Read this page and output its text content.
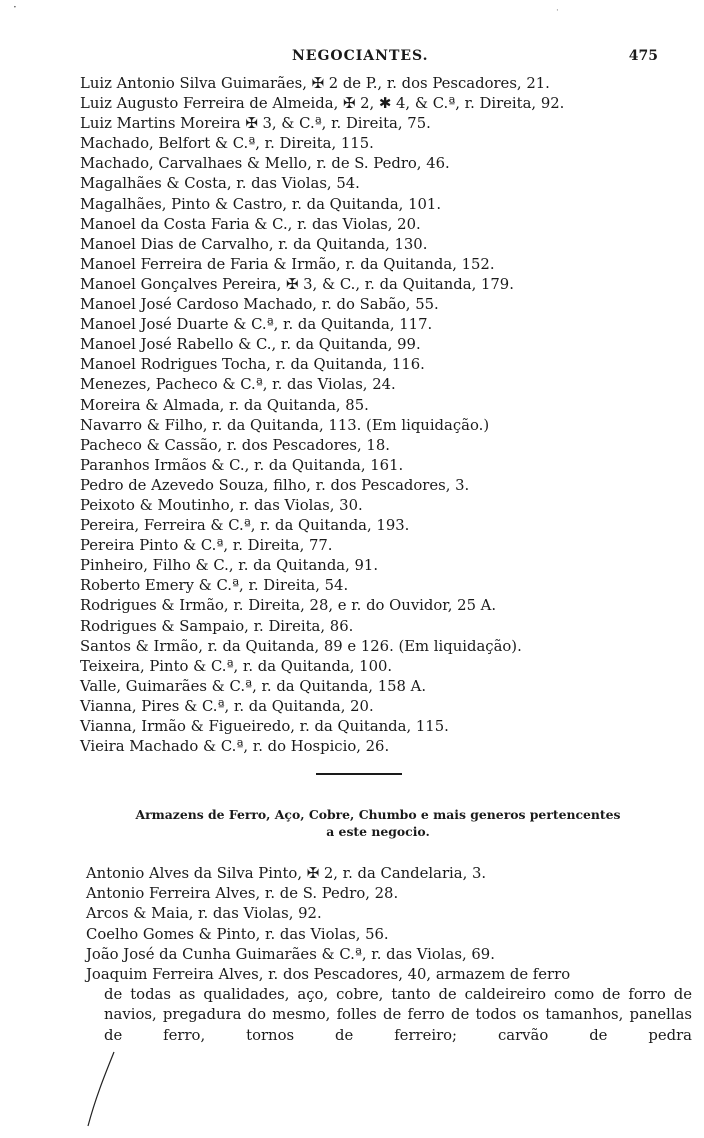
·	·
NEGOCIANTES.	475
Luiz Antonio Silva Guimarães, ✠ 2 de P., r. dos Pescadores, 21.
Luiz Augusto Ferreira de Almeida, ✠ 2, ✱ 4, & C.ª, r. Direita, 92.
Luiz Martins Moreira ✠ 3, & C.ª, r. Direita, 75.
Machado, Belfort & C.ª, r. Direita, 115.
Machado, Carvalhaes & Mello, r. de S. Pedro, 46.
Magalhães & Costa, r. das Violas, 54.
Magalhães, Pinto & Castro, r. da Quitanda, 101.
Manoel da Costa Faria & C., r. das Violas, 20.
Manoel Dias de Carvalho, r. da Quitanda, 130.
Manoel Ferreira de Faria & Irmão, r. da Quitanda, 152.
Manoel Gonçalves Pereira, ✠ 3, & C., r. da Quitanda, 179.
Manoel José Cardoso Machado, r. do Sabão, 55.
Manoel José Duarte & C.ª, r. da Quitanda, 117.
Manoel José Rabello & C., r. da Quitanda, 99.
Manoel Rodrigues Tocha, r. da Quitanda, 116.
Menezes, Pacheco & C.ª, r. das Violas, 24.
Moreira & Almada, r. da Quitanda, 85.
Navarro & Filho, r. da Quitanda, 113. (Em liquidação.)
Pacheco & Cassão, r. dos Pescadores, 18.
Paranhos Irmãos & C., r. da Quitanda, 161.
Pedro de Azevedo Souza, filho, r. dos Pescadores, 3.
Peixoto & Moutinho, r. das Violas, 30.
Pereira, Ferreira & C.ª, r. da Quitanda, 193.
Pereira Pinto & C.ª, r. Direita, 77.
Pinheiro, Filho & C., r. da Quitanda, 91.
Roberto Emery & C.ª, r. Direita, 54.
Rodrigues & Irmão, r. Direita, 28, e r. do Ouvidor, 25 A.
Rodrigues & Sampaio, r. Direita, 86.
Santos & Irmão, r. da Quitanda, 89 e 126. (Em liquidação).
Teixeira, Pinto & C.ª, r. da Quitanda, 100.
Valle, Guimarães & C.ª, r. da Quitanda, 158 A.
Vianna, Pires & C.ª, r. da Quitanda, 20.
Vianna, Irmão & Figueiredo, r. da Quitanda, 115.
Vieira Machado & C.ª, r. do Hospicio, 26.
Armazens de Ferro, Aço, Cobre, Chumbo e mais generos pertencentes
a este negocio.
Antonio Alves da Silva Pinto, ✠ 2, r. da Candelaria, 3.
Antonio Ferreira Alves, r. de S. Pedro, 28.
Arcos & Maia, r. das Violas, 92.
Coelho Gomes & Pinto, r. das Violas, 56.
João José da Cunha Guimarães & C.ª, r. das Violas, 69.
Joaquim Ferreira Alves, r. dos Pescadores, 40, armazem de ferro
de todas as qualidades, aço, cobre, tanto de caldeireiro como de forro de navios, pregadura do mesmo, folles de ferro de todos os tamanhos, panellas de ferro, tornos de ferreiro; carvão de pedra
